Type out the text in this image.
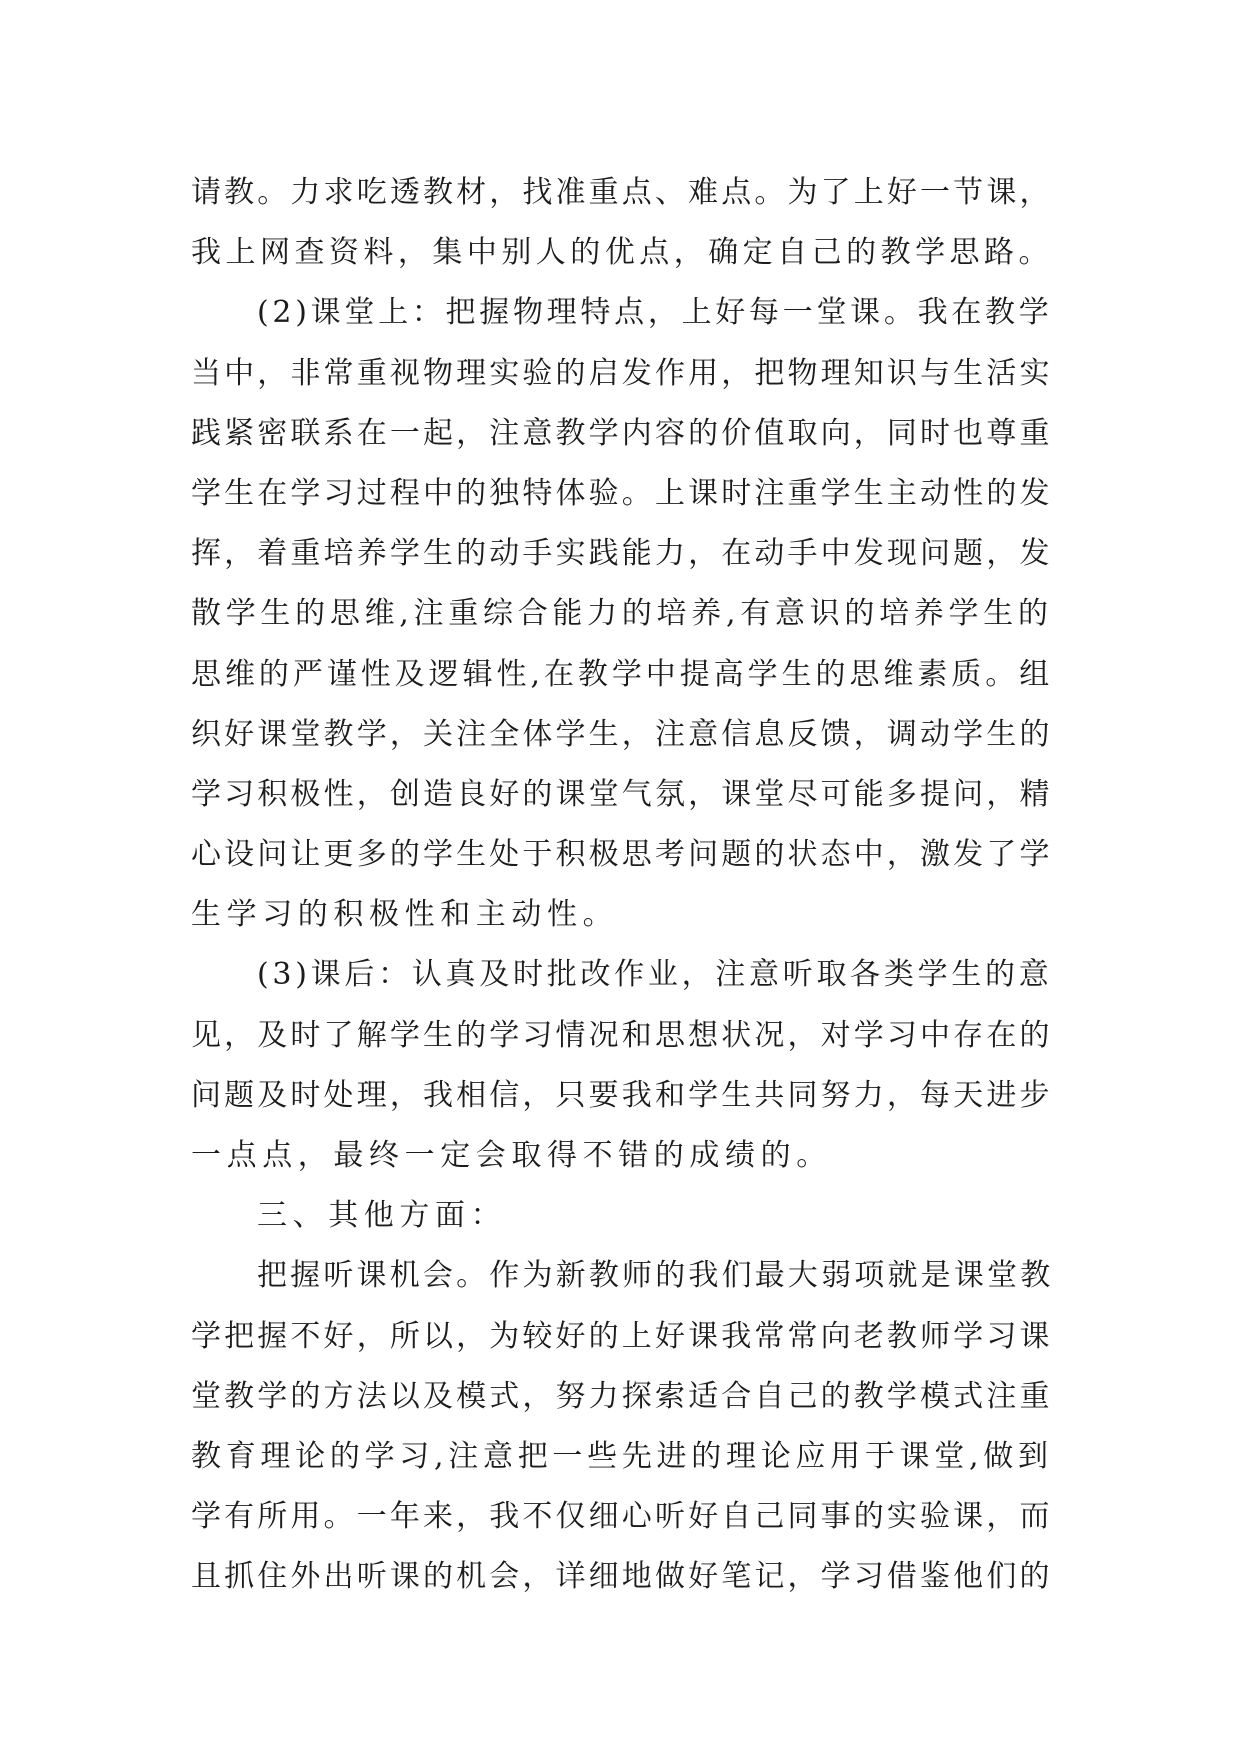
请教。力求吃透教材，找准重点、难点。为了上好一节课，
我上网查资料，集中别人的优点，确定自己的教学思路。
(2)课堂上：把握物理特点，上好每一堂课。我在教学
当中，非常重视物理实验的启发作用，把物理知识与生活实
践紧密联系在一起，注意教学内容的价值取向，同时也尊重
学生在学习过程中的独特体验。上课时注重学生主动性的发
挥，着重培养学生的动手实践能力，在动手中发现问题，发
散学生的思维,注重综合能力的培养,有意识的培养学生的
思维的严谨性及逻辑性,在教学中提高学生的思维素质。组
织好课堂教学，关注全体学生，注意信息反馈，调动学生的
学习积极性，创造良好的课堂气氛，课堂尽可能多提问，精
心设问让更多的学生处于积极思考问题的状态中，激发了学
生学习的积极性和主动性。
(3)课后：认真及时批改作业，注意听取各类学生的意
见，及时了解学生的学习情况和思想状况，对学习中存在的
问题及时处理，我相信，只要我和学生共同努力，每天进步
一点点，最终一定会取得不错的成绩的。
三、其他方面：
把握听课机会。作为新教师的我们最大弱项就是课堂教
学把握不好，所以，为较好的上好课我常常向老教师学习课
堂教学的方法以及模式，努力探索适合自己的教学模式注重
教育理论的学习,注意把一些先进的理论应用于课堂,做到
学有所用。一年来，我不仅细心听好自己同事的实验课，而
且抓住外出听课的机会，详细地做好笔记，学习借鉴他们的
